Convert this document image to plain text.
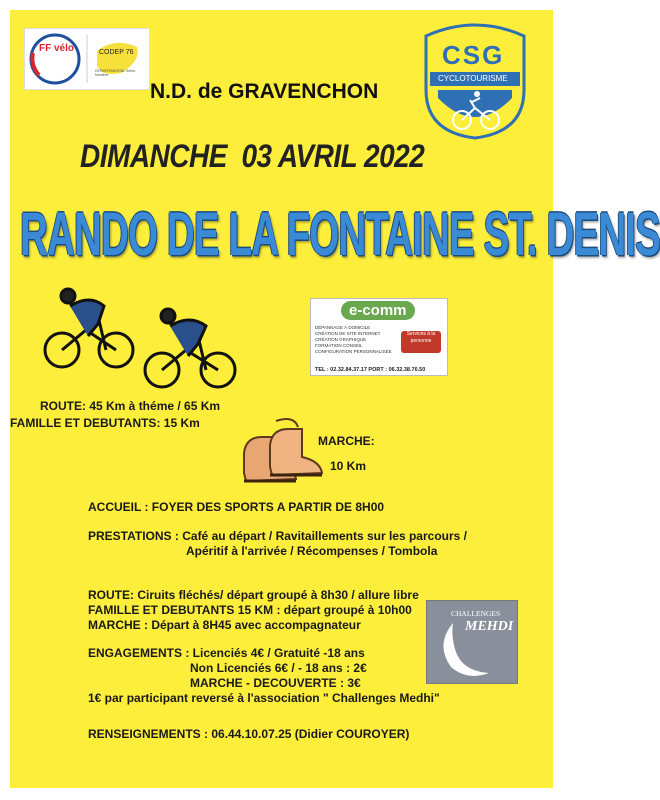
FF vélo	CODEP 76
DÉPARTEMENTAL Seine-Maritime
N.D. de GRAVENCHON
CSG
CYCLOTOURISME
DIMANCHE  03 AVRIL 2022
RANDO DE LA FONTAINE ST. DENIS
e-comm
DÉPANNAGE À DOMICILE
CRÉATION DE SITE INTERNET
CRÉATION GRAPHIQUE
FORMATION CONSEIL
CONFIGURATION PERSONNALISÉE
Services à la personne
TEL : 02.32.84.37.17 PORT : 06.32.38.76.50
ROUTE: 45 Km à théme / 65 Km
FAMILLE ET DEBUTANTS: 15 Km
MARCHE:
10 Km
ACCUEIL : FOYER DES SPORTS A PARTIR DE 8H00
PRESTATIONS : Café au départ / Ravitaillements sur les parcours /
Apéritif à l'arrivée / Récompenses / Tombola
ROUTE: Ciruits fléchés/ départ groupé à 8h30 / allure libre
FAMILLE ET DEBUTANTS 15 KM : départ groupé à 10h00
MARCHE : Départ à 8H45 avec accompagnateur
ENGAGEMENTS : Licenciés 4€ / Gratuité -18 ans
Non Licenciés 6€ / - 18 ans : 2€
MARCHE - DECOUVERTE : 3€
1€ par participant reversé à l'association " Challenges Medhi"
RENSEIGNEMENTS : 06.44.10.07.25 (Didier COUROYER)
CHALLENGES
MEHDI
